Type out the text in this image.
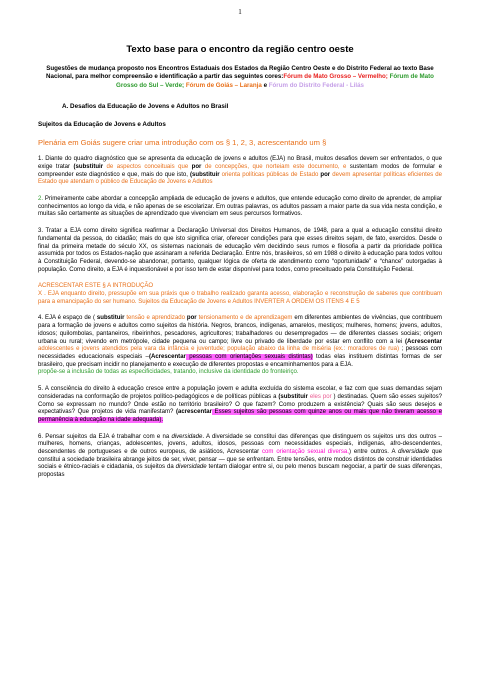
1
Texto base para o encontro da região centro oeste
Sugestões de mudança proposto nos Encontros Estaduais dos Estados da Região Centro Oeste e do Distrito Federal ao texto Base Nacional, para melhor compreensão e identificação a partir das seguintes cores:Fórum de Mato Grosso – Vermelho; Fórum de Mato Grosso do Sul – Verde; Fórum de Goiás – Laranja e Fórum do Distrito Federal - Lilás
A. Desafios da Educação de Jovens e Adultos no Brasil
Sujeitos da Educação de Jovens e Adultos
Plenária em Goiás sugere criar uma introdução com os § 1, 2, 3, acrescentando um §

1. Diante do quadro diagnóstico que se apresenta da educação de jovens e adultos (EJA) no Brasil, muitos desafios devem ser enfrentados, o que exige tratar (substituir de aspectos conceituais que por de concepções, que norteiam este documento, e sustentam modos de formular e compreender este diagnóstico e que, mais do que isto, (substituir orienta políticas públicas de Estado por devem apresentar políticas eficientes de Estado que atendam o público de Educação de Jovens e Adultos

2. Primeiramente cabe abordar a concepção ampliada de educação de jovens e adultos, que entende educação como direito de aprender, de ampliar conhecimentos ao longo da vida, e não apenas de se escolarizar. Em outras palavras, os adultos passam a maior parte da sua vida nesta condição, e muitas são certamente as situações de aprendizado que vivenciam em seus percursos formativos.

3. Tratar a EJA como direito significa reafirmar a Declaração Universal dos Direitos Humanos, de 1948, para a qual a educação constitui direito fundamental da pessoa, do cidadão; mais do que isto significa criar, oferecer condições para que esses direitos sejam, de fato, exercidos. Desde o final da primeira metade do século XX, os sistemas nacionais de educação vêm decidindo seus rumos e filosofia a partir da prioridade política assumida por todos os Estados-nação que assinaram a referida Declaração. Entre nós, brasileiros, só em 1988 o direito à educação para todos voltou à Constituição Federal, devendo-se abandonar, portanto, qualquer lógica de oferta de atendimento como “oportunidade” e “chance” outorgadas à população. Como direito, a EJA é inquestionável e por isso tem de estar disponível para todos, como preceituado pela Constituição Federal.

ACRESCENTAR ESTE § A INTRODUÇÃO
X . EJA enquanto direito, pressupõe em sua práxis que o trabalho realizado garanta acesso, elaboração e reconstrução de saberes que contribuam para a emancipação do ser humano. Sujeitos da Educação de Jovens e Adultos INVERTER A ORDEM OS ITENS 4 E 5

4. EJA é espaço de ( substituir tensão e aprendizado por tensionamento e de aprendizagem em diferentes ambientes de vivências, que contribuem para a formação de jovens e adultos como sujeitos da história. Negros, brancos, indígenas, amarelos, mestiços; mulheres, homens; jovens, adultos, idosos; quilombolas, pantaneiros, ribeirinhos, pescadores, agricultores; trabalhadores ou desempregados — de diferentes classes sociais; origem urbana ou rural; vivendo em metrópole, cidade pequena ou campo; livre ou privado de liberdade por estar em conflito com a lei (Acrescentar adolescentes e jovens atendidos pela vara da infância e juventude; população abaixo da linha de miséria (ex.: moradores de rua) ; pessoas com necessidades educacionais especiais –(Acrescentar pessoas com orientações sexuais distintas) todas elas instituem distintas formas de ser brasileiro, que precisam incidir no planejamento e execução de diferentes propostas e encaminhamentos para a EJA.
propõe-se a inclusão de todas as especificidades, tratando, inclusive da identidade do fronteiriço.

5. A consciência do direito à educação cresce entre a população jovem e adulta excluída do sistema escolar, e faz com que suas demandas sejam consideradas na conformação de projetos político-pedagógicos e de políticas públicas a (substituir eles por ) destinadas. Quem são esses sujeitos? Como se expressam no mundo? Onde estão no território brasileiro? O que fazem? Como produzem a existência? Quais são seus desejos e expectativas? Que projetos de vida manifestam? (acrescentar Esses sujeitos são pessoas com quinze anos ou mais que não tiveram acesso e permanência à educação na idade adequada).

6. Pensar sujeitos da EJA é trabalhar com e na diversidade. A diversidade se constitui das diferenças que distinguem os sujeitos uns dos outros – mulheres, homens, crianças, adolescentes, jovens, adultos, idosos, pessoas com necessidades especiais, indígenas, afro-descendentes, descendentes de portugueses e de outros europeus, de asiáticos, Acrescentar com orientação sexual diversa,) entre outros. A diversidade que constitui a sociedade brasileira abrange jeitos de ser, viver, pensar — que se enfrentam. Entre tensões, entre modos distintos de construir identidades sociais e étnico-raciais e cidadania, os sujeitos da diversidade tentam dialogar entre si, ou pelo menos buscam negociar, a partir de suas diferenças, propostas
